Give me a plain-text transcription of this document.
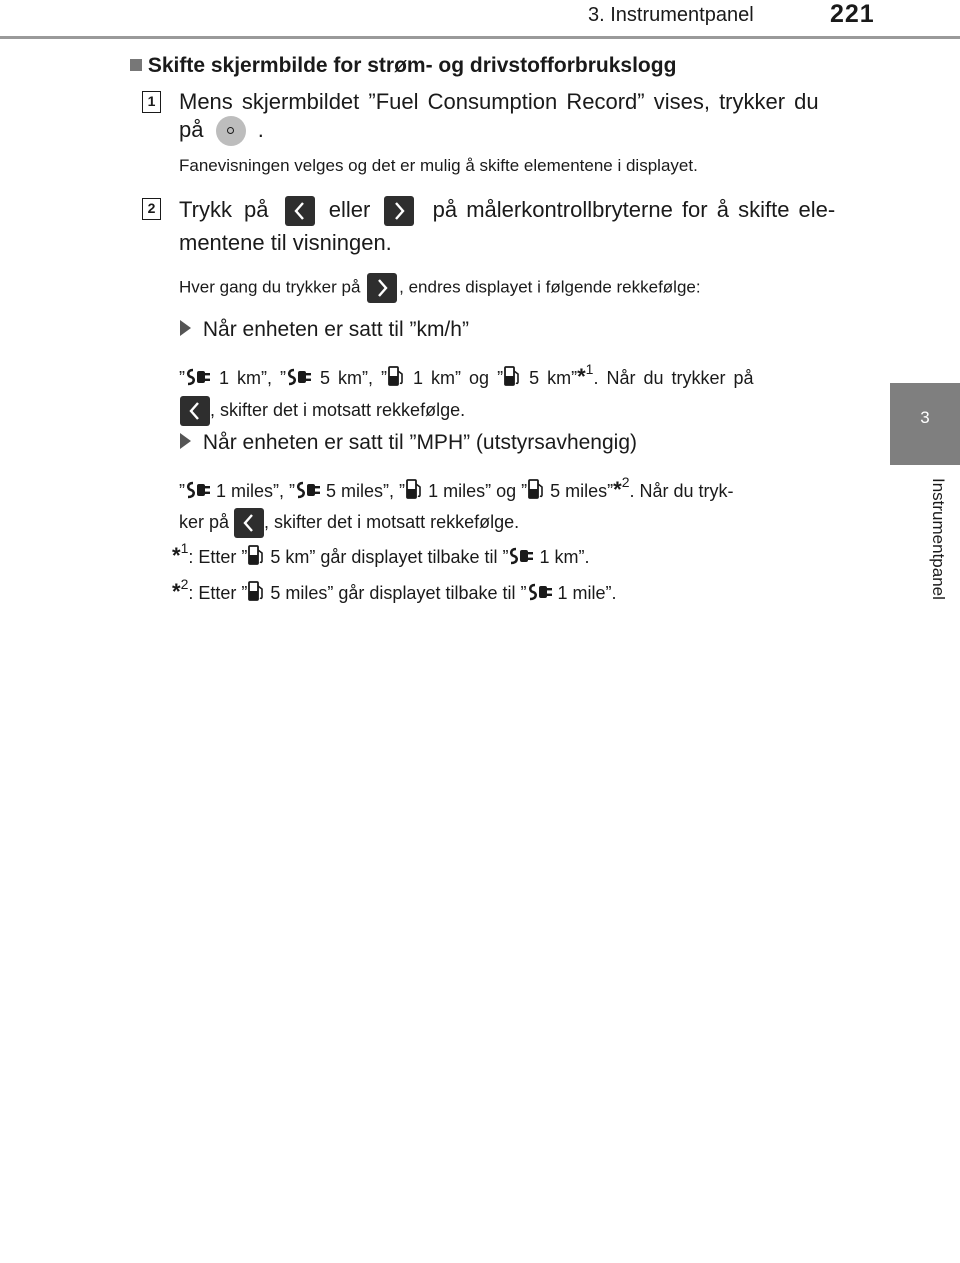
3. Instrumentpanel	221
3
Instrumentpanel
Skifte skjermbilde for strøm- og drivstofforbrukslogg
1 Mens skjermbildet ”Fuel Consumption Record” vises, trykker du
på .
Fanevisningen velges og det er mulig å skifte elementene i displayet.
2 Trykk på	eller	på målerkontrollbryterne for å skifte ele-
mentene til visningen.
Hver gang du trykker på , endres displayet i følgende rekkefølge:
Når enheten er satt til ”km/h”
” 1 km”, ” 5 km”, ” 1 km” og ” 5 km”*$^1$. Når du trykker på
, skifter det i motsatt rekkefølge.
Når enheten er satt til ”MPH” (utstyrsavhengig)
” 1 miles”, ” 5 miles”, ” 1 miles” og ” 5 miles”*$^2$. Når du tryk-
ker på , skifter det i motsatt rekkefølge.
*$^1$: Etter ” 5 km” går displayet tilbake til ” 1 km”.
*$^2$: Etter ” 5 miles” går displayet tilbake til ” 1 mile”.
